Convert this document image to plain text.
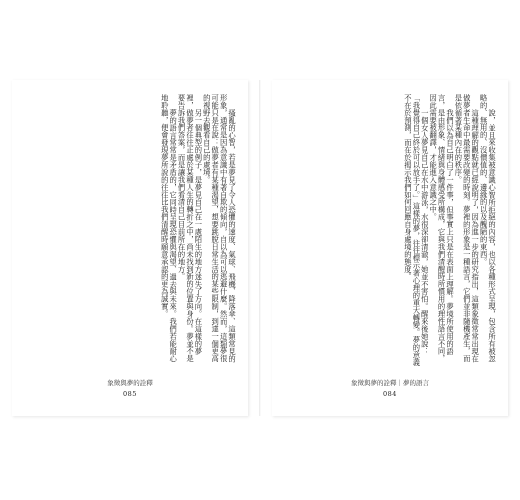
搔亂的心智，若是夢見了令人恐懼的速度、氣球、飛機、降落傘、這類常見的形象，通常是因為意識中有著自欺的傾向，自以為可以逃避什麼。然而，這類夢很可能只是在說：做夢者有某種渴望，想要跳脫日常生活的某些限制，到達一個更高的視野去觀看自己的處境。

另一個典型的例子，是夢見自己在一處陌生的地方迷失了方向。在這樣的夢裡，做夢者往往正處於某種人生的轉折之中，尚未找到新的位置與身份。夢並不是要告訴我們答案，而是讓我們看清自己目前所在的地方。

夢的語言常常是矛盾的，它同時呈現恐懼與渴望、過去與未來。我們若能耐心地聆聽，便會發現夢所說的往往比我們清醒時願意承認的更為誠實。

象徵與夢的詮釋
085

說，並且來收集被意識心智所拒絕的內容，也以各種形式呈現，包含所有被忽略的、無用的、沒價值的、邊緣的以及醜陋的東西。

這種理解的觀點就已經說明了，因為進一步的研究指出，這類象徵常常出現在做夢者生命中最需要改變的時刻。夢裡的形象是一種語言，它們並非隨機產生，而是依循著某種內在的秩序。

我們以為自己明白了一件事，但事實上只是在表面上理解。夢境所使用的語言，是由形象、情緒與身體感受所構成，它與我們清醒時所慣用的理性語言不同，因此需要被翻譯，才能進入意識之中。

一個女人夢見自己在水中游泳，水很深卻清澈，她並不害怕。醒來後她說：「我覺得自己終於可以放手了。」這樣的夢，往往標示著心理的重大轉變。夢的意義不在於預測，而在於揭示我們如何回應自身處境的態度。

象徵與夢的詮釋｜夢的語言
084
